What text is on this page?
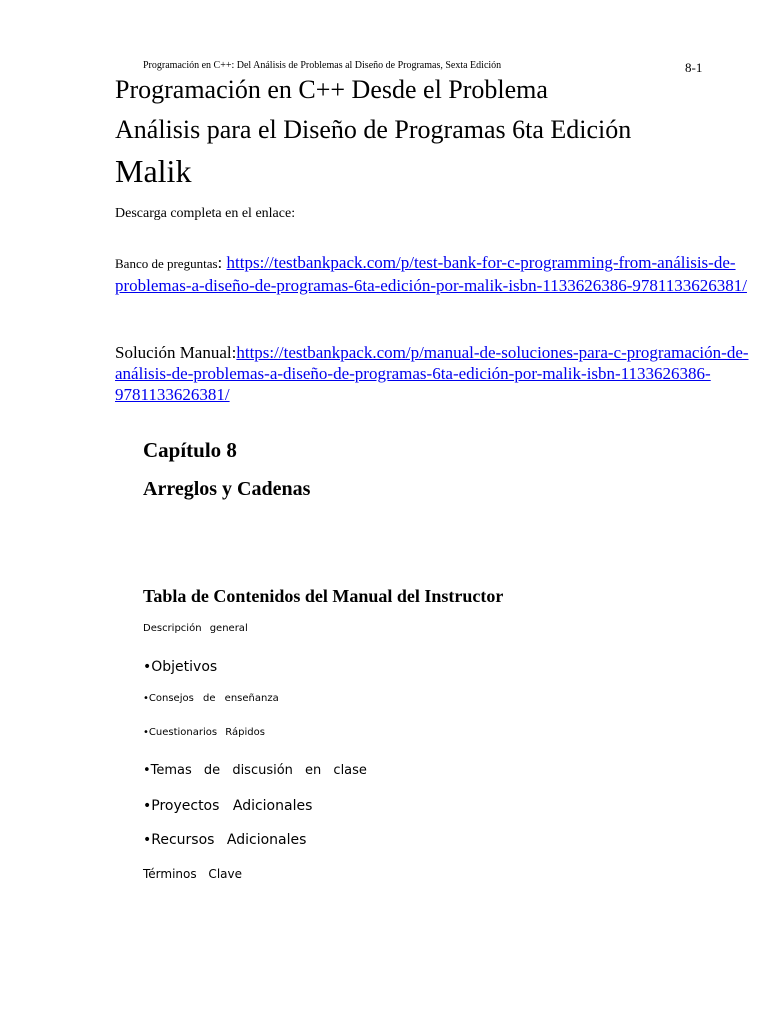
Programación en C++: Del Análisis de Problemas al Diseño de Programas, Sexta Edición	8-1
Programación en C++ Desde el Problema
Análisis para el Diseño de Programas 6ta Edición
Malik
Descarga completa en el enlace:
Banco de preguntas: https://testbankpack.com/p/test-bank-for-c-programming-from-análisis-de-problemas-a-diseño-de-programas-6ta-edición-por-malik-isbn-1133626386-9781133626381/
Solución Manual:https://testbankpack.com/p/manual-de-soluciones-para-c-programación-de-análisis-de-problemas-a-diseño-de-programas-6ta-edición-por-malik-isbn-1133626386-9781133626381/
Capítulo 8
Arreglos y Cadenas
Tabla de Contenidos del Manual del Instructor
Descripción general
•Objetivos
•Consejos de enseñanza
•Cuestionarios Rápidos
•Temas de discusión en clase
•Proyectos Adicionales
•Recursos Adicionales
Términos Clave
